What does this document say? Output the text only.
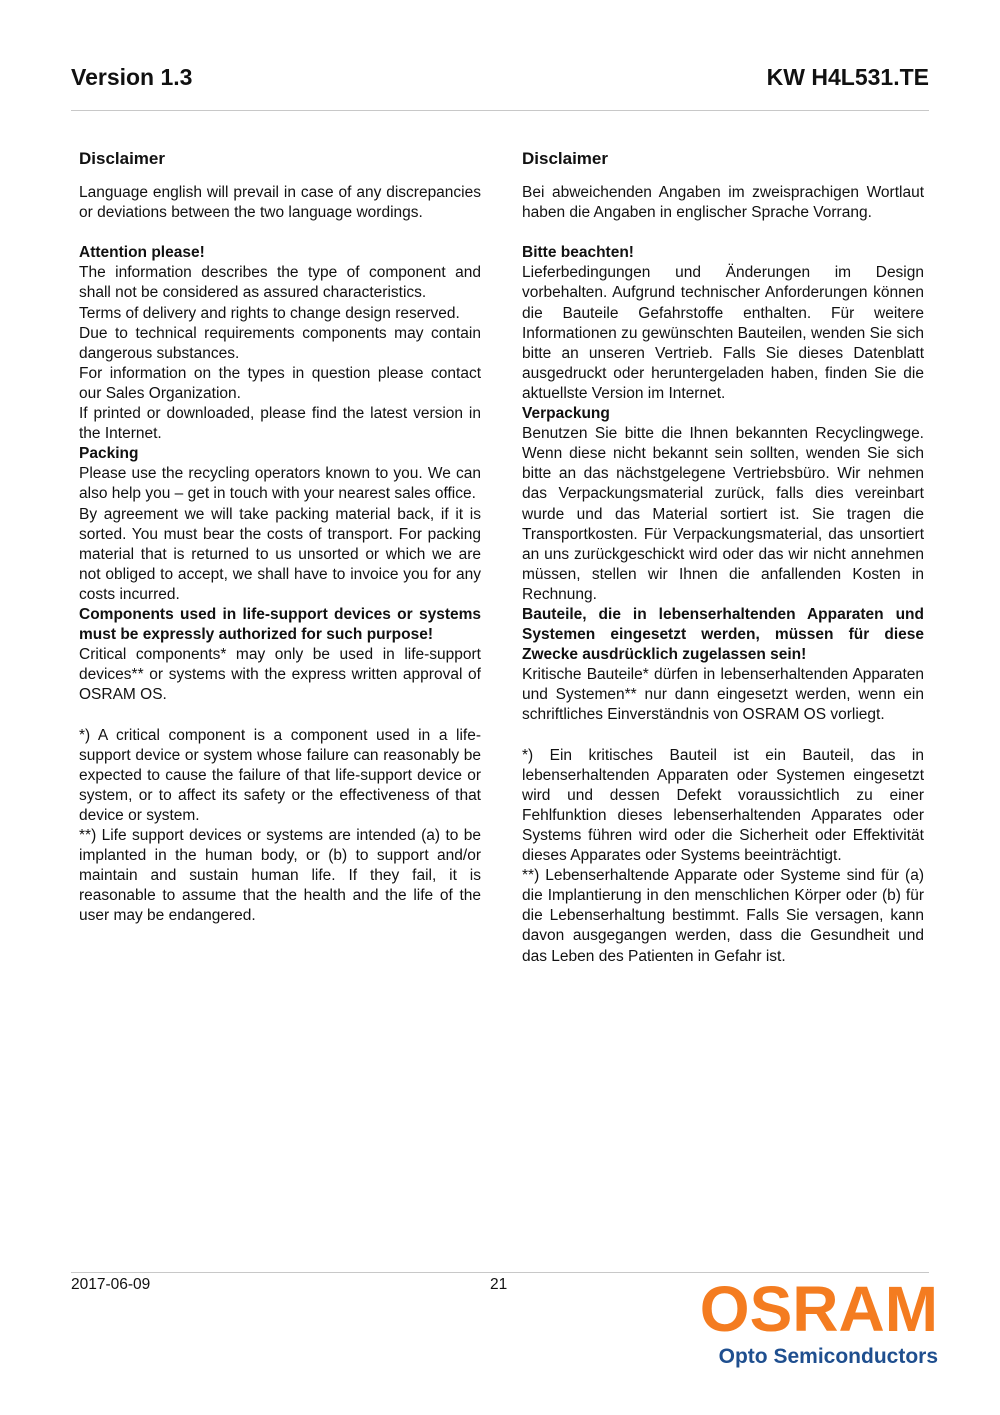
Version 1.3	KW H4L531.TE
Disclaimer

Language english will prevail in case of any discrepancies or deviations between the two language wordings.

Attention please!

The information describes the type of component and shall not be considered as assured characteristics.

Terms of delivery and rights to change design reserved.

Due to technical requirements components may contain dangerous substances.

For information on the types in question please contact our Sales Organization.

If printed or downloaded, please find the latest version in the Internet.

Packing

Please use the recycling operators known to you. We can also help you – get in touch with your nearest sales office.

By agreement we will take packing material back, if it is sorted. You must bear the costs of transport. For packing material that is returned to us unsorted or which we are not obliged to accept, we shall have to invoice you for any costs incurred.

Components used in life-support devices or systems must be expressly authorized for such purpose!

Critical components* may only be used in life-support devices** or systems with the express written approval of OSRAM OS.

*) A critical component is a component used in a life-support device or system whose failure can reasonably be expected to cause the failure of that life-support device or system, or to affect its safety or the effectiveness of that device or system.

**) Life support devices or systems are intended (a) to be implanted in the human body, or (b) to support and/or maintain and sustain human life. If they fail, it is reasonable to assume that the health and the life of the user may be endangered.

Disclaimer

Bei abweichenden Angaben im zweisprachigen Wortlaut haben die Angaben in englischer Sprache Vorrang.

Bitte beachten!

Lieferbedingungen und Änderungen im Design vorbehalten. Aufgrund technischer Anforderungen können die Bauteile Gefahrstoffe enthalten. Für weitere Informationen zu gewünschten Bauteilen, wenden Sie sich bitte an unseren Vertrieb. Falls Sie dieses Datenblatt ausgedruckt oder heruntergeladen haben, finden Sie die aktuellste Version im Internet.

Verpackung

Benutzen Sie bitte die Ihnen bekannten Recyclingwege. Wenn diese nicht bekannt sein sollten, wenden Sie sich bitte an das nächstgelegene Vertriebsbüro. Wir nehmen das Verpackungsmaterial zurück, falls dies vereinbart wurde und das Material sortiert ist. Sie tragen die Transportkosten. Für Verpackungsmaterial, das unsortiert an uns zurückgeschickt wird oder das wir nicht annehmen müssen, stellen wir Ihnen die anfallenden Kosten in Rechnung.

Bauteile, die in lebenserhaltenden Apparaten und Systemen eingesetzt werden, müssen für diese Zwecke ausdrücklich zugelassen sein!

Kritische Bauteile* dürfen in lebenserhaltenden Apparaten und Systemen** nur dann eingesetzt werden, wenn ein schriftliches Einverständnis von OSRAM OS vorliegt.

*) Ein kritisches Bauteil ist ein Bauteil, das in lebenserhaltenden Apparaten oder Systemen eingesetzt wird und dessen Defekt voraussichtlich zu einer Fehlfunktion dieses lebenserhaltenden Apparates oder Systems führen wird oder die Sicherheit oder Effektivität dieses Apparates oder Systems beeinträchtigt.

**) Lebenserhaltende Apparate oder Systeme sind für (a) die Implantierung in den menschlichen Körper oder (b) für die Lebenserhaltung bestimmt. Falls Sie versagen, kann davon ausgegangen werden, dass die Gesundheit und das Leben des Patienten in Gefahr ist.

2017-06-09	21	OSRAM
Opto Semiconductors
